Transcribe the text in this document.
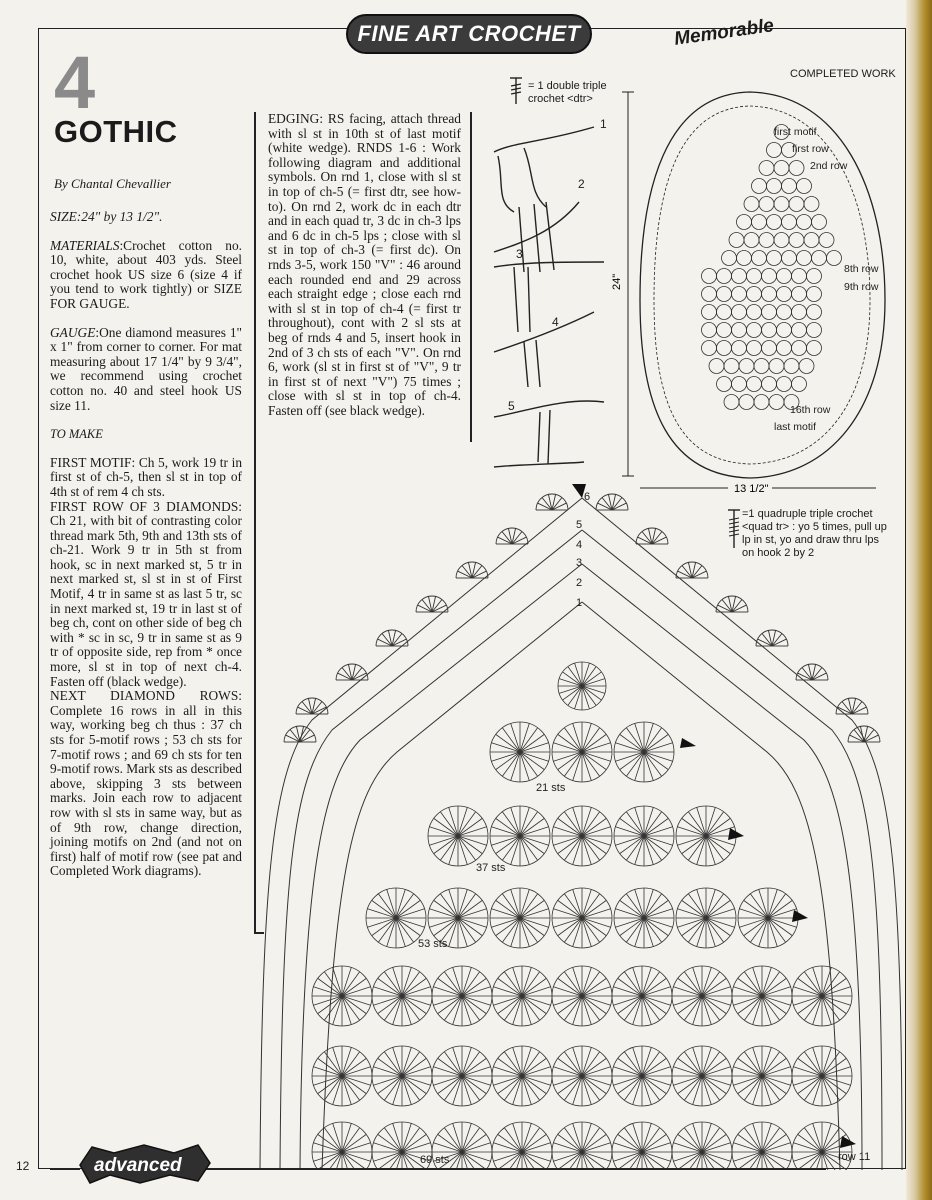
FINE ART CROCHET	Memorable
4
GOTHIC
By Chantal Chevallier

SIZE:24" by 13 1/2".

MATERIALS:Crochet cotton no. 10, white, about 403 yds. Steel crochet hook US size 6 (size 4 if you tend to work tightly) or SIZE FOR GAUGE.

GAUGE:One diamond measures 1" x 1" from corner to corner. For mat measuring about 17 1/4" by 9 3/4", we recommend using crochet cotton no. 40 and steel hook US size 11.

TO MAKE

FIRST MOTIF: Ch 5, work 19 tr in first st of ch-5, then sl st in top of 4th st of rem 4 ch sts.

FIRST ROW OF 3 DIAMONDS: Ch 21, with bit of contrasting color thread mark 5th, 9th and 13th sts of ch-21. Work 9 tr in 5th st from hook, sc in next marked st, 5 tr in next marked st, sl st in st of First Motif, 4 tr in same st as last 5 tr, sc in next marked st, 19 tr in last st of beg ch, cont on other side of beg ch with * sc in sc, 9 tr in same st as 9 tr of opposite side, rep from * once more, sl st in top of next ch-4. Fasten off (black wedge).

NEXT DIAMOND ROWS: Complete 16 rows in all in this way, working beg ch thus : 37 ch sts for 5-motif rows ; 53 ch sts for 7-motif rows ; and 69 ch sts for ten 9-motif rows. Mark sts as described above, skipping 3 sts between marks. Join each row to adjacent row with sl sts in same way, but as of 9th row, change direction, joining motifs on 2nd (and not on first) half of motif row (see pat and Completed Work diagrams).

EDGING: RS facing, attach thread with sl st in 10th st of last motif (white wedge). RNDS 1-6 : Work following diagram and additional symbols. On rnd 1, close with sl st in top of ch-5 (= first dtr, see how-to). On rnd 2, work dc in each dtr and in each quad tr, 3 dc in ch-3 lps and 6 dc in ch-5 lps ; close with sl st in top of ch-3 (= first dc). On rnds 3-5, work 150 "V" : 46 around each rounded end and 29 across each straight edge ; close each rnd with sl st in top of ch-4 (= first tr throughout), cont with 2 sl sts at beg of rnds 4 and 5, insert hook in 2nd of 3 ch sts of each "V". On rnd 6, work (sl st in first st of "V", 9 tr in first st of next "V") 75 times ; close with sl st in top of ch-4. Fasten off (see black wedge).

= 1 double triple crochet <dtr>
1
2
3
4
5
COMPLETED WORK
24"
13 1/2"
first motif
first row
2nd row
8th row
9th row
16th row
last motif
=1 quadruple triple crochet <quad tr> : yo 5 times, pull up lp in st, yo and draw thru lps on hook 2 by 2
21 sts
37 sts
53 sts
69 sts
1
2
3
4
5
6
row 11
advanced
12
